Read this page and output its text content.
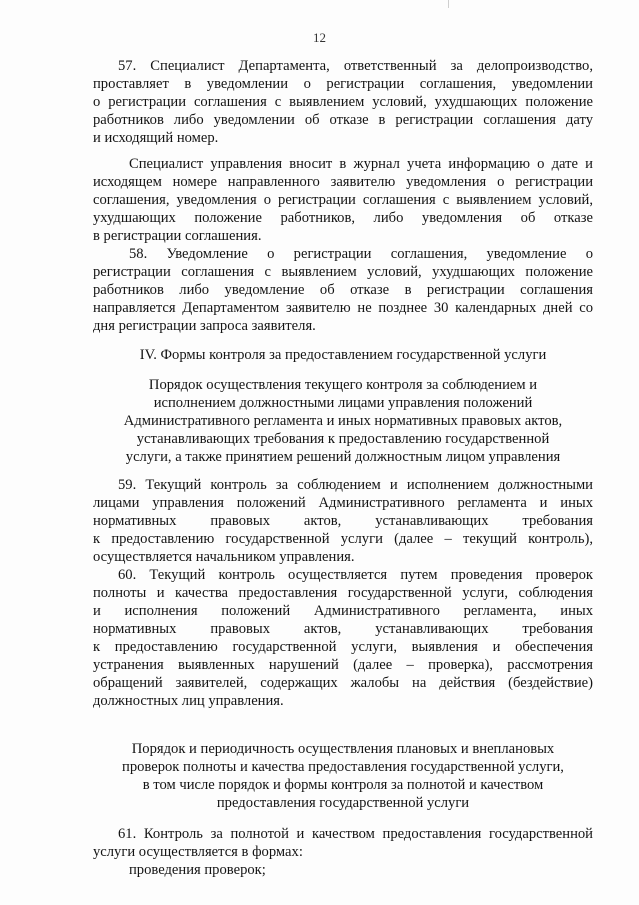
12
57. Специалист Департамента, ответственный за делопроизводство,
проставляет в уведомлении о регистрации соглашения, уведомлении
о регистрации соглашения с выявлением условий, ухудшающих положение
работников либо уведомлении об отказе в регистрации соглашения дату
и исходящий номер.
Специалист управления вносит в журнал учета информацию о дате и
исходящем номере направленного заявителю уведомления о регистрации
соглашения, уведомления о регистрации соглашения с выявлением условий,
ухудшающих положение работников, либо уведомления об отказе
в регистрации соглашения.
58. Уведомление о регистрации соглашения, уведомление о
регистрации соглашения с выявлением условий, ухудшающих положение
работников либо уведомление об отказе в регистрации соглашения
направляется Департаментом заявителю не позднее 30 календарных дней со
дня регистрации запроса заявителя.
IV. Формы контроля за предоставлением государственной услуги
Порядок осуществления текущего контроля за соблюдением и
исполнением должностными лицами управления положений
Административного регламента и иных нормативных правовых актов,
устанавливающих требования к предоставлению государственной
услуги, а также принятием решений должностным лицом управления
59. Текущий контроль за соблюдением и исполнением должностными
лицами управления положений Административного регламента и иных
нормативных правовых актов, устанавливающих требования
к предоставлению государственной услуги (далее – текущий контроль),
осуществляется начальником управления.
60. Текущий контроль осуществляется путем проведения проверок
полноты и качества предоставления государственной услуги, соблюдения
и исполнения положений Административного регламента, иных
нормативных правовых актов, устанавливающих требования
к предоставлению государственной услуги, выявления и обеспечения
устранения выявленных нарушений (далее – проверка), рассмотрения
обращений заявителей, содержащих жалобы на действия (бездействие)
должностных лиц управления.
Порядок и периодичность осуществления плановых и внеплановых
проверок полноты и качества предоставления государственной услуги,
в том числе порядок и формы контроля за полнотой и качеством
предоставления государственной услуги
61. Контроль за полнотой и качеством предоставления государственной
услуги осуществляется в формах:
проведения проверок;
